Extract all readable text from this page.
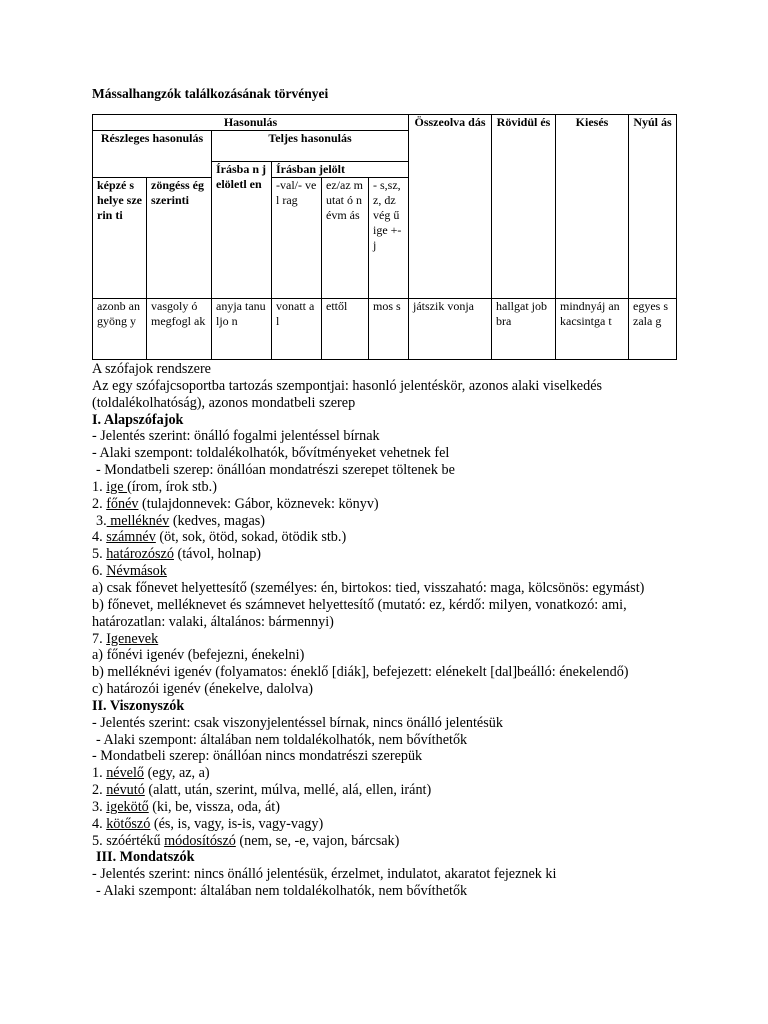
Mássalhangzók találkozásának törvényei
Hasonulás						Összeolva dás	Rövidül és	Kiesés	Nyúl ás
Részleges hasonulás		Teljes hasonulás							
		Írásba n jelöletl en	Írásban jelölt						
képzé s helye szerin ti	zöngéss ég szerinti		-val/- vel rag	ez/az mutat ó névm ás	- s,sz, z, dz vég ű ige +-j				
azonb an gyöng y	vasgoly ó megfogl ak	anyja tanuljo n	vonatt al	ettől	mos s	játszik vonja	hallgat jobbra	mindnyáj an kacsintga t	egyes szala g
A szófajok rendszere
Az egy szófajcsoportba tartozás szempontjai: hasonló jelentéskör, azonos alaki viselkedés (toldalékolhatóság), azonos mondatbeli szerep
I. Alapszófajok
- Jelentés szerint: önálló fogalmi jelentéssel bírnak
- Alaki szempont: toldalékolhatók, bővítményeket vehetnek fel
- Mondatbeli szerep: önállóan mondatrészi szerepet töltenek be
1. ige (írom, írok stb.)
2. főnév (tulajdonnevek: Gábor, köznevek: könyv)
3. melléknév (kedves, magas)
4. számnév (öt, sok, ötöd, sokad, ötödik stb.)
5. határozószó (távol, holnap)
6. Névmások
a) csak főnevet helyettesítő (személyes: én, birtokos: tied, visszaható: maga, kölcsönös: egymást)
b) főnevet, melléknevet és számnevet helyettesítő (mutató: ez, kérdő: milyen, vonatkozó: ami, határozatlan: valaki, általános: bármennyi)
7. Igenevek
a) főnévi igenév (befejezni, énekelni)
b) melléknévi igenév (folyamatos: éneklő [diák], befejezett: elénekelt [dal]beálló: énekelendő)
c) határozói igenév (énekelve, dalolva)
II. Viszonyszók
- Jelentés szerint: csak viszonyjelentéssel bírnak, nincs önálló jelentésük
- Alaki szempont: általában nem toldalékolhatók, nem bővíthetők
- Mondatbeli szerep: önállóan nincs mondatrészi szerepük
1. névelő (egy, az, a)
2. névutó (alatt, után, szerint, múlva, mellé, alá, ellen, iránt)
3. igekötő (ki, be, vissza, oda, át)
4. kötőszó (és, is, vagy, is-is, vagy-vagy)
5. szóértékű módosítószó (nem, se, -e, vajon, bárcsak)
III. Mondatszók
- Jelentés szerint: nincs önálló jelentésük, érzelmet, indulatot, akaratot fejeznek ki
- Alaki szempont: általában nem toldalékolhatók, nem bővíthetők
